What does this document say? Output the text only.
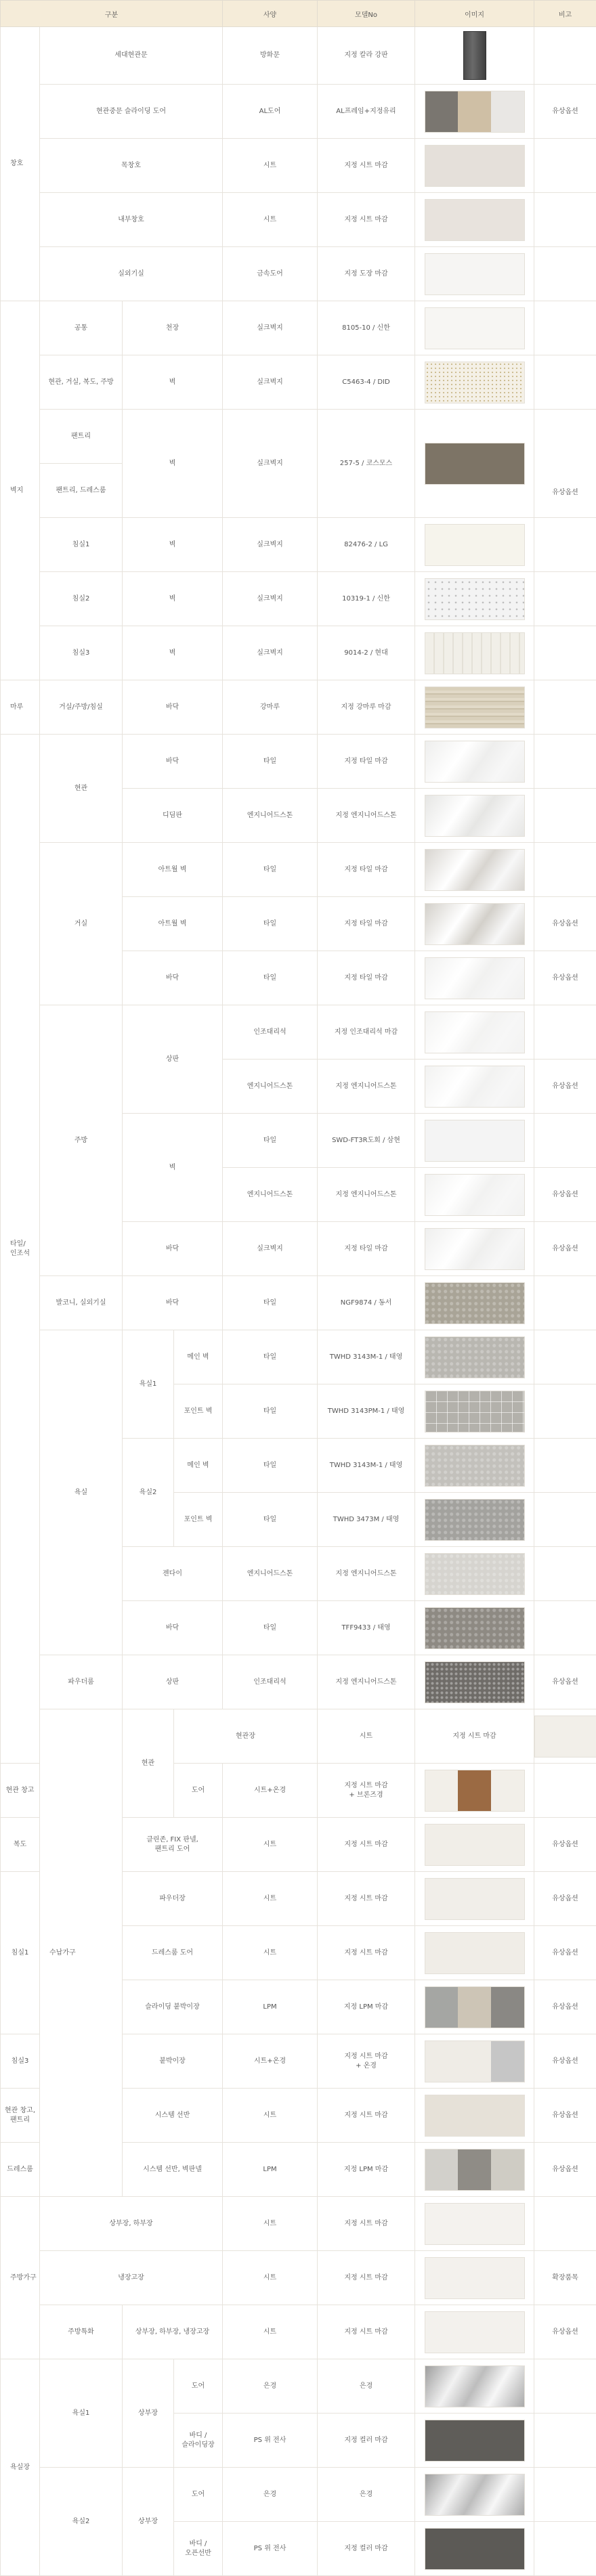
구분				사양	모델No	이미지	비고	
창호	세대현관문			방화문	지정 칼라 강판		

	현관중문 슬라이딩 도어			AL도어	AL프레임+지정유리		유상옵션	
	목창호			시트	지정 시트 마감		

	내부창호			시트	지정 시트 마감		

	실외기실			금속도어	지정 도장 마감		

벽지	공통	천장		실크벽지	8105-10 / 신한		

	현관, 거실, 복도, 주방	벽		실크벽지	C5463-4 / DID		

	팬트리	벽		실크벽지	257-5 / 코스모스		유상옵션	
	팬트리, 드레스룸							
	침실1	벽		실크벽지	82476-2 / LG		

	침실2	벽		실크벽지	10319-1 / 신한		

	침실3	벽		실크벽지	9014-2 / 현대		

마루	거실/주방/침실	바닥		강마루	지정 강마루 마감		

타일/
인조석	현관	바닥		타일	지정 타일 마감		

		디딤판		엔지니어드스톤	지정 엔지니어드스톤		

	거실	아트월 벽		타일	지정 타일 마감		

		아트월 벽		타일	지정 타일 마감		유상옵션	
		바닥		타일	지정 타일 마감		유상옵션	
	주방	상판		인조대리석	지정 인조대리석 마감		

				엔지니어드스톤	지정 엔지니어드스톤		유상옵션	
		벽		타일	SWD-FT3R도회 / 삼현		

				엔지니어드스톤	지정 엔지니어드스톤		유상옵션	
		바닥		실크벽지	지정 타일 마감		유상옵션	
	발코니, 실외기실	바닥		타일	NGF9874 / 동서		

	욕실	욕실1	메인 벽	타일	TWHD 3143M-1 / 태영		

			포인트 벽	타일	TWHD 3143PM-1 / 태영		

		욕실2	메인 벽	타일	TWHD 3143M-1 / 태영		

			포인트 벽	타일	TWHD 3473M / 태영		

		젠다이		엔지니어드스톤	지정 엔지니어드스톤		

		바닥		타일	TFF9433 / 태영		

	파우더룸	상판		인조대리석	지정 엔지니어드스톤		유상옵션	
	수납가구	현관	현관장		시트	지정 시트 마감	

현관 창고			도어	시트+온경	지정 시트 마감
+ 브론즈경		

복도		클린존, FIX 판넬,
팬트리 도어		시트	지정 시트 마감		유상옵션	
침실1		파우더장		시트	지정 시트 마감		유상옵션	
		드레스룸 도어		시트	지정 시트 마감		유상옵션	
		슬라이딩 붙박이장		LPM	지정 LPM 마감		유상옵션	
침실3		붙박이장		시트+온경	지정 시트 마감
+ 온경		유상옵션	
현관 창고, 팬트리		시스템 선반		시트	지정 시트 마감		유상옵션	
드레스룸		시스템 선반, 벽판넬		LPM	지정 LPM 마감		유상옵션	
주방가구	상부장, 하부장			시트	지정 시트 마감		

	냉장고장			시트	지정 시트 마감		확장품목	
	주방특화	상부장, 하부장, 냉장고장		시트	지정 시트 마감		유상옵션	
욕실장	욕실1	상부장	도어	은경	은경		

			바디 /
슬라이딩장	PS 위 전사	지정 컬러 마감		

	욕실2	상부장	도어	은경	은경		

			바디 /
오픈선반	PS 위 전사	지정 컬러 마감		
